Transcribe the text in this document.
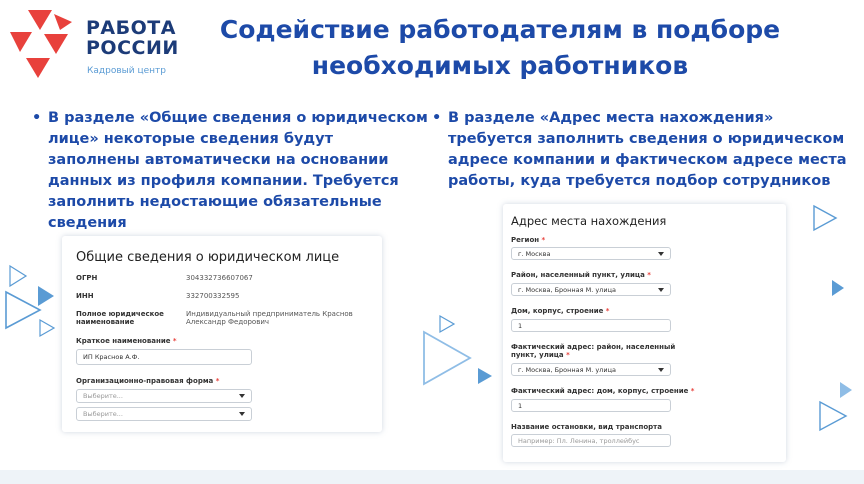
РАБОТА
РОССИИ
Кадровый центр
Содействие работодателям в подборе
необходимых работников
• В разделе «Общие сведения о юридическом лице» некоторые сведения будут заполнены автоматически на основании данных из профиля компании. Требуется заполнить недостающие обязательные сведения
• В разделе «Адрес места нахождения» требуется заполнить сведения о юридическом адресе компании и фактическом адресе места работы, куда требуется подбор сотрудников
Общие сведения о юридическом лице
ОГРН	304332736607067
ИНН	332700332595
Полное юридическое наименование
Индивидуальный предприниматель Краснов Александр Федорович
Краткое наименование *
ИП Краснов А.Ф.
Организационно-правовая форма *
Выберите...
Выберите...
Адрес места нахождения
Регион *
г. Москва
Район, населенный пункт, улица *
г. Москва, Бронная М. улица
Дом, корпус, строение *
1
Фактический адрес: район, населенный пункт, улица *
г. Москва, Бронная М. улица
Фактический адрес: дом, корпус, строение *
1
Название остановки, вид транспорта
Например: Пл. Ленина, троллейбус
